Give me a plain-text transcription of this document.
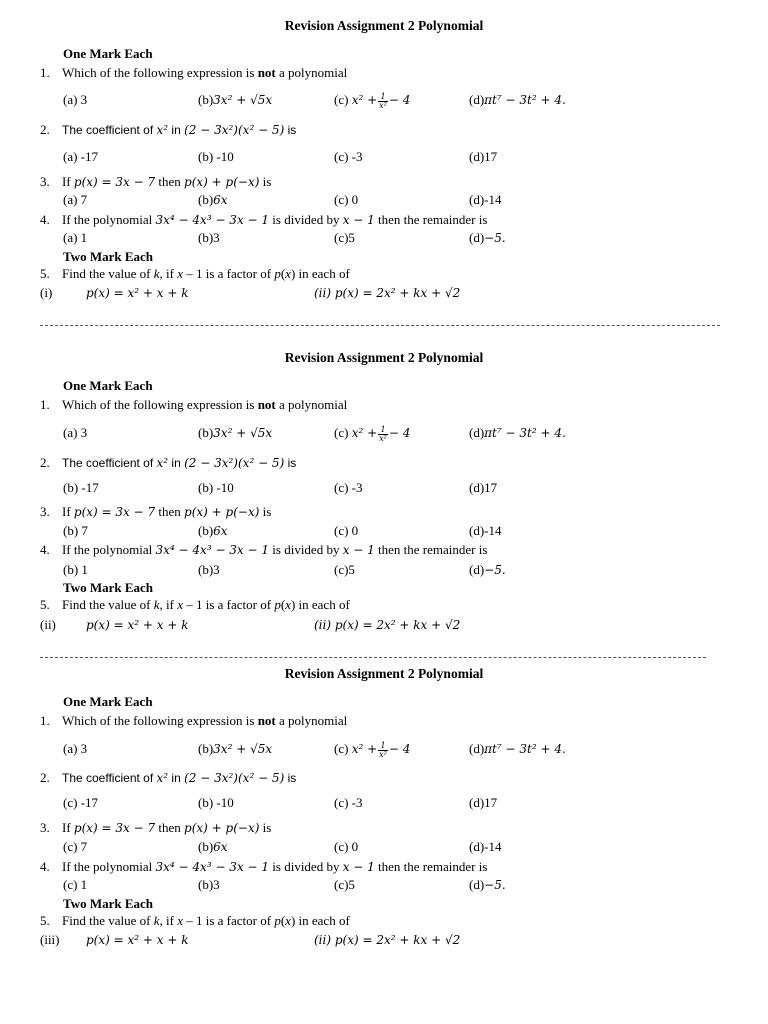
Revision Assignment 2 Polynomial
One Mark Each
1. Which of the following expression is not a polynomial
(a) 3	(b)3x² + √5x	(c) $x^2 + \frac{1}{\text{x²}} - 4$	(d)πt⁷ − 3t² + 4.
2. The coefficient of x² in (2 − 3x²)(x² − 5) is
(a) -17	(b) -10	(c) -3	(d)17
3. If p(x) = 3x − 7 then p(x) + p(−x) is
(a) 7	(b)6x	(c) 0	(d)-14
4. If the polynomial 3x⁴ − 4x³ − 3x − 1 is divided by x − 1 then the remainder is
(a) 1	(b)3	(c)5	(d)−5.
Two Mark Each
5. Find the value of k, if x – 1 is a factor of p(x) in each of
(i)	p(x) = x² + x + k	(ii) p(x) = 2x² + kx + √2
Revision Assignment 2 Polynomial
One Mark Each
1. Which of the following expression is not a polynomial
(a) 3	(b)3x² + √5x	(c) $x^2 + \frac{1}{\text{x²}} - 4$	(d)πt⁷ − 3t² + 4.
2. The coefficient of x² in (2 − 3x²)(x² − 5) is
(b) -17	(b) -10	(c) -3	(d)17
3. If p(x) = 3x − 7 then p(x) + p(−x) is
(b) 7	(b)6x	(c) 0	(d)-14
4. If the polynomial 3x⁴ − 4x³ − 3x − 1 is divided by x − 1 then the remainder is
(b) 1	(b)3	(c)5	(d)−5.
Two Mark Each
5. Find the value of k, if x – 1 is a factor of p(x) in each of
(ii)	p(x) = x² + x + k	(ii) p(x) = 2x² + kx + √2
Revision Assignment 2 Polynomial
One Mark Each
1. Which of the following expression is not a polynomial
(a) 3	(b)3x² + √5x	(c) $x^2 + \frac{1}{\text{x²}} - 4$	(d)πt⁷ − 3t² + 4.
2. The coefficient of x² in (2 − 3x²)(x² − 5) is
(c) -17	(b) -10	(c) -3	(d)17
3. If p(x) = 3x − 7 then p(x) + p(−x) is
(c) 7	(b)6x	(c) 0	(d)-14
4. If the polynomial 3x⁴ − 4x³ − 3x − 1 is divided by x − 1 then the remainder is
(c) 1	(b)3	(c)5	(d)−5.
Two Mark Each
5. Find the value of k, if x – 1 is a factor of p(x) in each of
(iii) p(x) = x² + x + k	(ii) p(x) = 2x² + kx + √2
